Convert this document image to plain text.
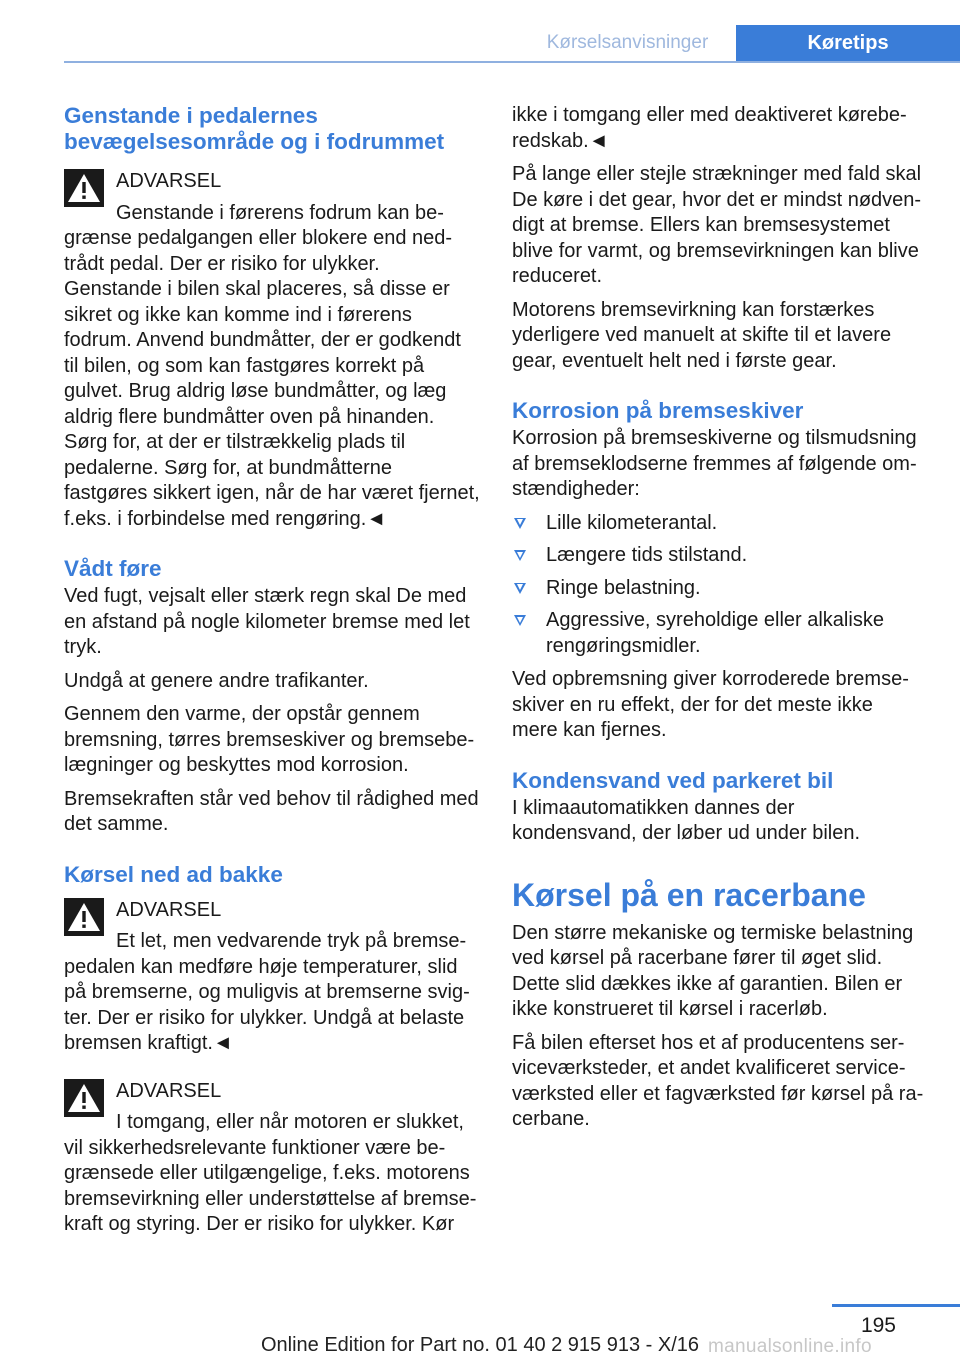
Kørselsanvisninger	Køretips
Genstande i pedalernes
bevægelsesområde og i fodrummet
ADVARSEL

Genstande i førerens fodrum kan begrænse pedalgangen eller blokere end nedtrådt pedal. Der er risiko for ulykker. Genstande i bilen skal placeres, så disse er sikret og ikke kan komme ind i førerens fodrum. Anvend bundmåtter, der er godkendt til bilen, og som kan fastgøres korrekt på gulvet. Brug aldrig løse bundmåtter, og læg aldrig flere bundmåtter oven på hinanden. Sørg for, at der er tilstrækkelig plads til pedalerne. Sørg for, at bundmåtterne fastgøres sikkert igen, når de har været fjernet, f.eks. i forbindelse med rengøring.◄

Vådt føre

Ved fugt, vejsalt eller stærk regn skal De med en afstand på nogle kilometer bremse med let tryk.

Undgå at genere andre trafikanter.

Gennem den varme, der opstår gennem bremsning, tørres bremseskiver og bremsebelægninger og beskyttes mod korrosion.

Bremsekraften står ved behov til rådighed med det samme.

Kørsel ned ad bakke
ADVARSEL

Et let, men vedvarende tryk på bremsepedalen kan medføre høje temperaturer, slid på bremserne, og muligvis at bremserne svigter. Der er risiko for ulykker. Undgå at belaste bremsen kraftigt.◄

ADVARSEL

I tomgang, eller når motoren er slukket, vil sikkerhedsrelevante funktioner være begrænsede eller utilgængelige, f.eks. motorens bremsevirkning eller understøttelse af bremsekraft og styring. Der er risiko for ulykker. Kør

ikke i tomgang eller med deaktiveret køreberedskab.◄

På lange eller stejle strækninger med fald skal De køre i det gear, hvor det er mindst nødvendigt at bremse. Ellers kan bremsesystemet blive for varmt, og bremsevirkningen kan blive reduceret.

Motorens bremsevirkning kan forstærkes yderligere ved manuelt at skifte til et lavere gear, eventuelt helt ned i første gear.

Korrosion på bremseskiver

Korrosion på bremseskiverne og tilsmudsning af bremseklodserne fremmes af følgende omstændigheder:

Lille kilometerantal.
Længere tids stilstand.
Ringe belastning.
Aggressive, syreholdige eller alkaliske rengøringsmidler.

Ved opbremsning giver korroderede bremseskiver en ru effekt, der for det meste ikke mere kan fjernes.

Kondensvand ved parkeret bil

I klimaautomatikken dannes der kondensvand, der løber ud under bilen.

Kørsel på en racerbane

Den større mekaniske og termiske belastning ved kørsel på racerbane fører til øget slid. Dette slid dækkes ikke af garantien. Bilen er ikke konstrueret til kørsel i racerløb.

Få bilen efterset hos et af producentens serviceværksteder, et andet kvalificeret serviceværksted eller et fagværksted før kørsel på racerbane.

195
Online Edition for Part no. 01 40 2 915 913 - X/16 manualsonline.info
